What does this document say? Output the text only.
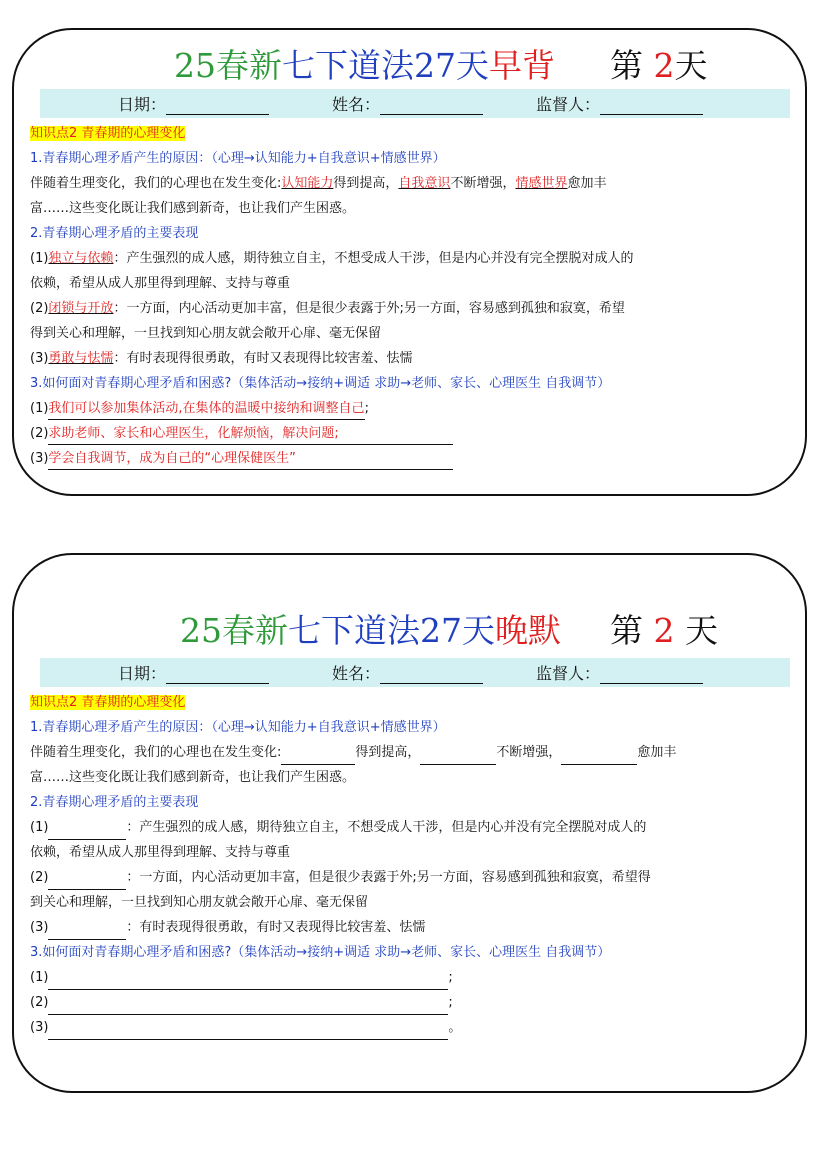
25春新七下道法27天早背 第 2天
日期：	姓名：	监督人：
知识点2 青春期的心理变化
1.青春期心理矛盾产生的原因：（心理→认知能力+自我意识+情感世界）
伴随着生理变化，我们的心理也在发生变化:认知能力得到提高，自我意识不断增强，情感世界愈加丰
富……这些变化既让我们感到新奇，也让我们产生困惑。
2.青春期心理矛盾的主要表现
(1)独立与依赖：产生强烈的成人感，期待独立自主，不想受成人干涉，但是内心并没有完全摆脱对成人的
依赖，希望从成人那里得到理解、支持与尊重
(2)闭锁与开放：一方面，内心活动更加丰富，但是很少表露于外;另一方面，容易感到孤独和寂寞，希望
得到关心和理解，一旦找到知心朋友就会敞开心扉、毫无保留
(3)勇敢与怯懦：有时表现得很勇敢，有时又表现得比较害羞、怯懦
3.如何面对青春期心理矛盾和困惑?（集体活动→接纳+调适 求助→老师、家长、心理医生 自我调节）
(1)我们可以参加集体活动,在集体的温暖中接纳和调整自己;
(2)求助老师、家长和心理医生，化解烦恼，解决问题;
(3)学会自我调节，成为自己的“心理保健医生”
25春新七下道法27天晚默 第 2 天
日期：	姓名：	监督人：
知识点2 青春期的心理变化
1.青春期心理矛盾产生的原因：（心理→认知能力+自我意识+情感世界）
伴随着生理变化，我们的心理也在发生变化:	得到提高，	不断增强，	愈加丰
富……这些变化既让我们感到新奇，也让我们产生困惑。
2.青春期心理矛盾的主要表现
(1)	：产生强烈的成人感，期待独立自主，不想受成人干涉，但是内心并没有完全摆脱对成人的
依赖，希望从成人那里得到理解、支持与尊重
(2)	：一方面，内心活动更加丰富，但是很少表露于外;另一方面，容易感到孤独和寂寞，希望得
到关心和理解，一旦找到知心朋友就会敞开心扉、毫无保留
(3)	：有时表现得很勇敢，有时又表现得比较害羞、怯懦
3.如何面对青春期心理矛盾和困惑?（集体活动→接纳+调适 求助→老师、家长、心理医生 自我调节）
(1)	;
(2)	;
(3)	。
